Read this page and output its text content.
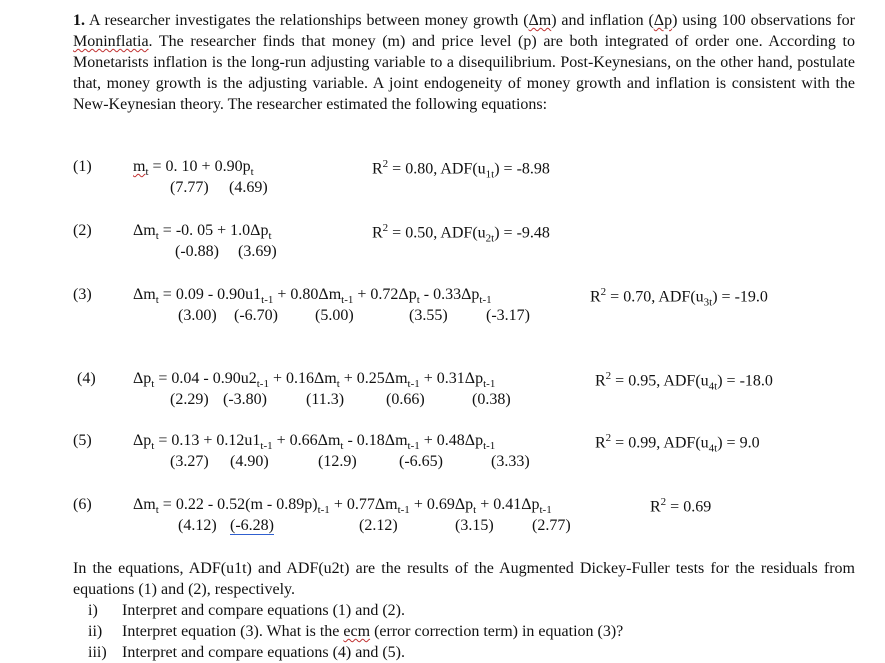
1. A researcher investigates the relationships between money growth (Δm) and inflation (Δp) using 100 observations for Moninflatia. The researcher finds that money (m) and price level (p) are both integrated of order one. According to Monetarists inflation is the long-run adjusting variable to a disequilibrium. Post-Keynesians, on the other hand, postulate that, money growth is the adjusting variable. A joint endogeneity of money growth and inflation is consistent with the New-Keynesian theory. The researcher estimated the following equations:

(1)	$m_t = 0$. $10 + 0.90p_t$
(7.77) (4.69)
$R^2 = 0.80$, $ADF(u_{1t}) = -8.98$
(2)	$\Delta m_t = -0$. $05 + 1.0\Delta p_t$
(-0.88) (3.69)
$R^2 = 0.50$, $ADF(u_{2t}) = -9.48$
(3)	$\Delta m_t = 0.09 - 0.90u1_{t-1} + 0.80\Delta m_{t-1} + 0.72\Delta p_t - 0.33\Delta p_{t-1}$
(3.00) (-6.70) (5.00)	(3.55) (-3.17)
$R^2 = 0.70$, $ADF(u_{3t}) = -19.0$
(4) $\Delta p_t = 0.04 - 0.90u2_{t-1} + 0.16\Delta m_t + 0.25\Delta m_{t-1} + 0.31\Delta p_{t-1}$
(2.29) (-3.80) (11.3)	(0.66)	(0.38)
$R^2 = 0.95$, $ADF(u_{4t}) = -18.0$
(5)	$\Delta p_t = 0.13 + 0.12u1_{t-1} + 0.66\Delta m_t - 0.18\Delta m_{t-1} + 0.48\Delta p_{t-1}$
(3.27) (4.90)	(12.9)	(-6.65)	(3.33)
$R^2 = 0.99$, $ADF(u_{4t}) = 9.0$
(6)	$\Delta m_t = 0.22 - 0.52(m - 0.89p)_{t-1} + 0.77\Delta m_{t-1} + 0.69\Delta p_t + 0.41\Delta p_{t-1}$
(4.12) (-6.28)	(2.12)	(3.15) (2.77)
$R^2 = 0.69$

In the equations, ADF(u1t) and ADF(u2t) are the results of the Augmented Dickey-Fuller tests for the residuals from equations (1) and (2), respectively.

i) Interpret and compare equations (1) and (2).
ii) Interpret equation (3). What is the ecm (error correction term) in equation (3)?
iii) Interpret and compare equations (4) and (5).
